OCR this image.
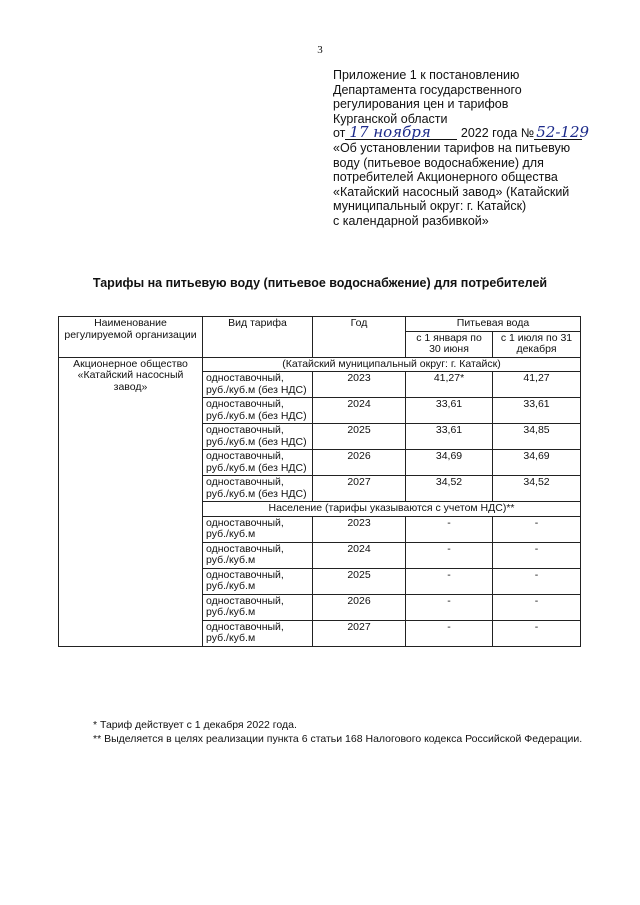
3
Приложение 1 к постановлению
Департамента государственного
регулирования цен и тарифов
Курганской области
от 17 ноября 2022 года № 52-129
«Об установлении тарифов на питьевую
воду (питьевое водоснабжение) для
потребителей Акционерного общества
«Катайский насосный завод» (Катайский
муниципальный округ: г. Катайск)
с календарной разбивкой»
Тарифы на питьевую воду (питьевое водоснабжение) для потребителей
Наименование регулируемой организации	Вид тарифа	Год	Питьевая вода	
			с 1 января по 30 июня	с 1 июля по 31 декабря
Акционерное общество «Катайский насосный завод»	(Катайский муниципальный округ: г. Катайск)			
	одноставочный, руб./куб.м (без НДС)	2023	41,27*	41,27
	одноставочный, руб./куб.м (без НДС)	2024	33,61	33,61
	одноставочный, руб./куб.м (без НДС)	2025	33,61	34,85
	одноставочный, руб./куб.м (без НДС)	2026	34,69	34,69
	одноставочный, руб./куб.м (без НДС)	2027	34,52	34,52
	Население (тарифы указываются с учетом НДС)**			
	одноставочный, руб./куб.м	2023	-	-
	одноставочный, руб./куб.м	2024	-	-
	одноставочный, руб./куб.м	2025	-	-
	одноставочный, руб./куб.м	2026	-	-
	одноставочный, руб./куб.м	2027	-	-
* Тариф действует с 1 декабря 2022 года.
** Выделяется в целях реализации пункта 6 статьи 168 Налогового кодекса Российской Федерации.
